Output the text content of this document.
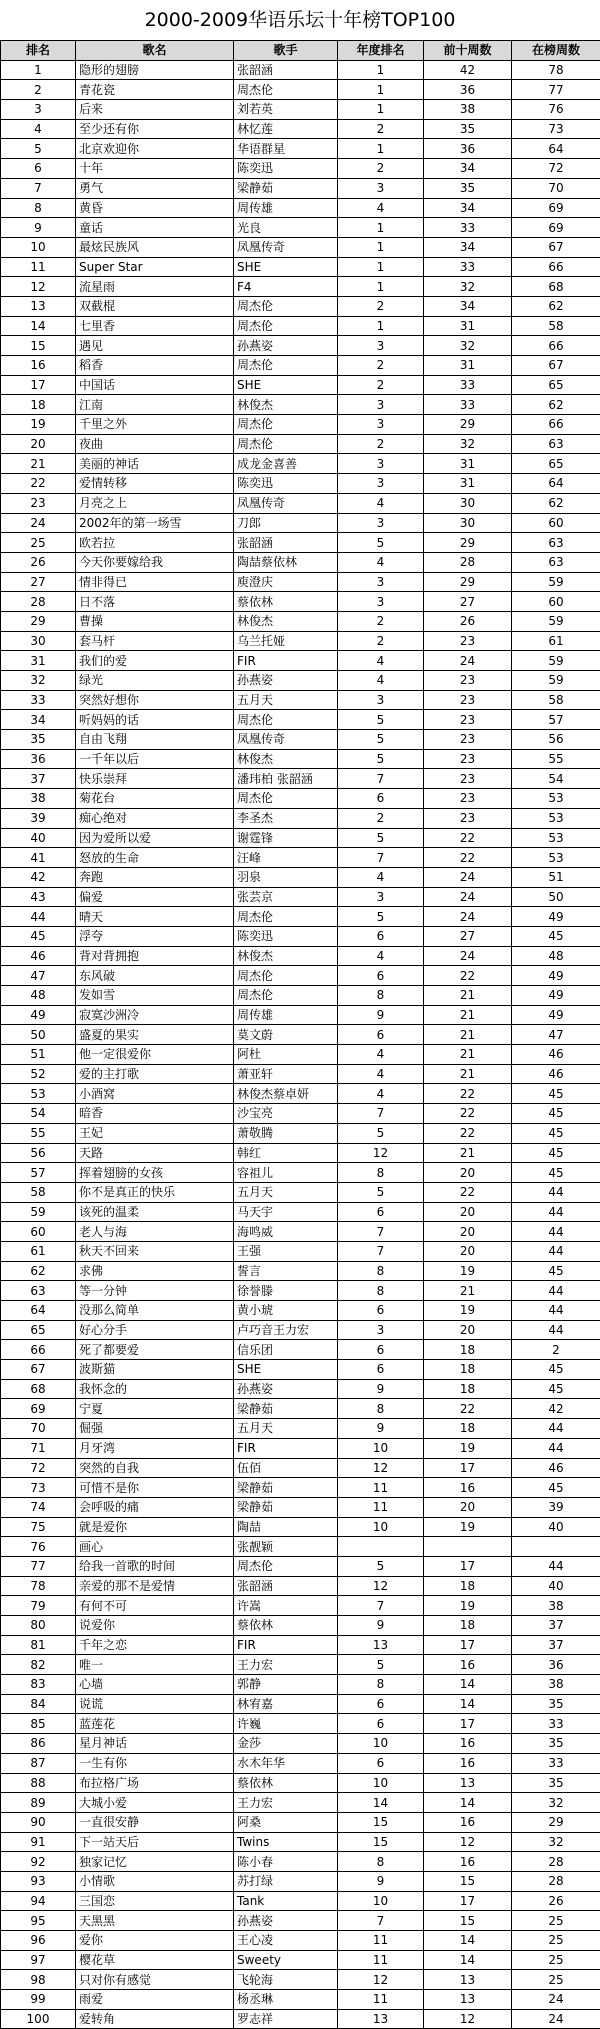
2000-2009华语乐坛十年榜TOP100
排名	歌名	歌手	年度排名	前十周数	在榜周数
1	隐形的翅膀	张韶涵	1	42	78
2	青花瓷	周杰伦	1	36	77
3	后来	刘若英	1	38	76
4	至少还有你	林忆莲	2	35	73
5	北京欢迎你	华语群星	1	36	64
6	十年	陈奕迅	2	34	72
7	勇气	梁静茹	3	35	70
8	黄昏	周传雄	4	34	69
9	童话	光良	1	33	69
10	最炫民族风	凤凰传奇	1	34	67
11	Super Star	SHE	1	33	66
12	流星雨	F4	1	32	68
13	双截棍	周杰伦	2	34	62
14	七里香	周杰伦	1	31	58
15	遇见	孙燕姿	3	32	66
16	稻香	周杰伦	2	31	67
17	中国话	SHE	2	33	65
18	江南	林俊杰	3	33	62
19	千里之外	周杰伦	3	29	66
20	夜曲	周杰伦	2	32	63
21	美丽的神话	成龙金喜善	3	31	65
22	爱情转移	陈奕迅	3	31	64
23	月亮之上	凤凰传奇	4	30	62
24	2002年的第一场雪	刀郎	3	30	60
25	欧若拉	张韶涵	5	29	63
26	今天你要嫁给我	陶喆蔡依林	4	28	63
27	情非得已	庾澄庆	3	29	59
28	日不落	蔡依林	3	27	60
29	曹操	林俊杰	2	26	59
30	套马杆	乌兰托娅	2	23	61
31	我们的爱	FIR	4	24	59
32	绿光	孙燕姿	4	23	59
33	突然好想你	五月天	3	23	58
34	听妈妈的话	周杰伦	5	23	57
35	自由飞翔	凤凰传奇	5	23	56
36	一千年以后	林俊杰	5	23	55
37	快乐崇拜	潘玮柏 张韶涵	7	23	54
38	菊花台	周杰伦	6	23	53
39	痴心绝对	李圣杰	2	23	53
40	因为爱所以爱	谢霆锋	5	22	53
41	怒放的生命	汪峰	7	22	53
42	奔跑	羽泉	4	24	51
43	偏爱	张芸京	3	24	50
44	晴天	周杰伦	5	24	49
45	浮夸	陈奕迅	6	27	45
46	背对背拥抱	林俊杰	4	24	48
47	东风破	周杰伦	6	22	49
48	发如雪	周杰伦	8	21	49
49	寂寞沙洲冷	周传雄	9	21	49
50	盛夏的果实	莫文蔚	6	21	47
51	他一定很爱你	阿杜	4	21	46
52	爱的主打歌	萧亚轩	4	21	46
53	小酒窝	林俊杰蔡卓妍	4	22	45
54	暗香	沙宝亮	7	22	45
55	王妃	萧敬腾	5	22	45
56	天路	韩红	12	21	45
57	挥着翅膀的女孩	容祖儿	8	20	45
58	你不是真正的快乐	五月天	5	22	44
59	该死的温柔	马天宇	6	20	44
60	老人与海	海鸣威	7	20	44
61	秋天不回来	王强	7	20	44
62	求佛	誓言	8	19	45
63	等一分钟	徐誉滕	8	21	44
64	没那么简单	黄小琥	6	19	44
65	好心分手	卢巧音王力宏	3	20	44
66	死了都要爱	信乐团	6	18	2
67	波斯猫	SHE	6	18	45
68	我怀念的	孙燕姿	9	18	45
69	宁夏	梁静茹	8	22	42
70	倔强	五月天	9	18	44
71	月牙湾	FIR	10	19	44
72	突然的自我	伍佰	12	17	46
73	可惜不是你	梁静茹	11	16	45
74	会呼吸的痛	梁静茹	11	20	39
75	就是爱你	陶喆	10	19	40
76	画心	张靓颖			
77	给我一首歌的时间	周杰伦	5	17	44
78	亲爱的那不是爱情	张韶涵	12	18	40
79	有何不可	许嵩	7	19	38
80	说爱你	蔡依林	9	18	37
81	千年之恋	FIR	13	17	37
82	唯一	王力宏	5	16	36
83	心墙	郭静	8	14	38
84	说谎	林宥嘉	6	14	35
85	蓝莲花	许巍	6	17	33
86	星月神话	金莎	10	16	35
87	一生有你	水木年华	6	16	33
88	布拉格广场	蔡依林	10	13	35
89	大城小爱	王力宏	14	14	32
90	一直很安静	阿桑	15	16	29
91	下一站天后	Twins	15	12	32
92	独家记忆	陈小春	8	16	28
93	小情歌	苏打绿	9	15	28
94	三国恋	Tank	10	17	26
95	天黑黑	孙燕姿	7	15	25
96	爱你	王心凌	11	14	25
97	樱花草	Sweety	11	14	25
98	只对你有感觉	飞轮海	12	13	25
99	雨爱	杨丞琳	11	13	24
100	爱转角	罗志祥	13	12	24
